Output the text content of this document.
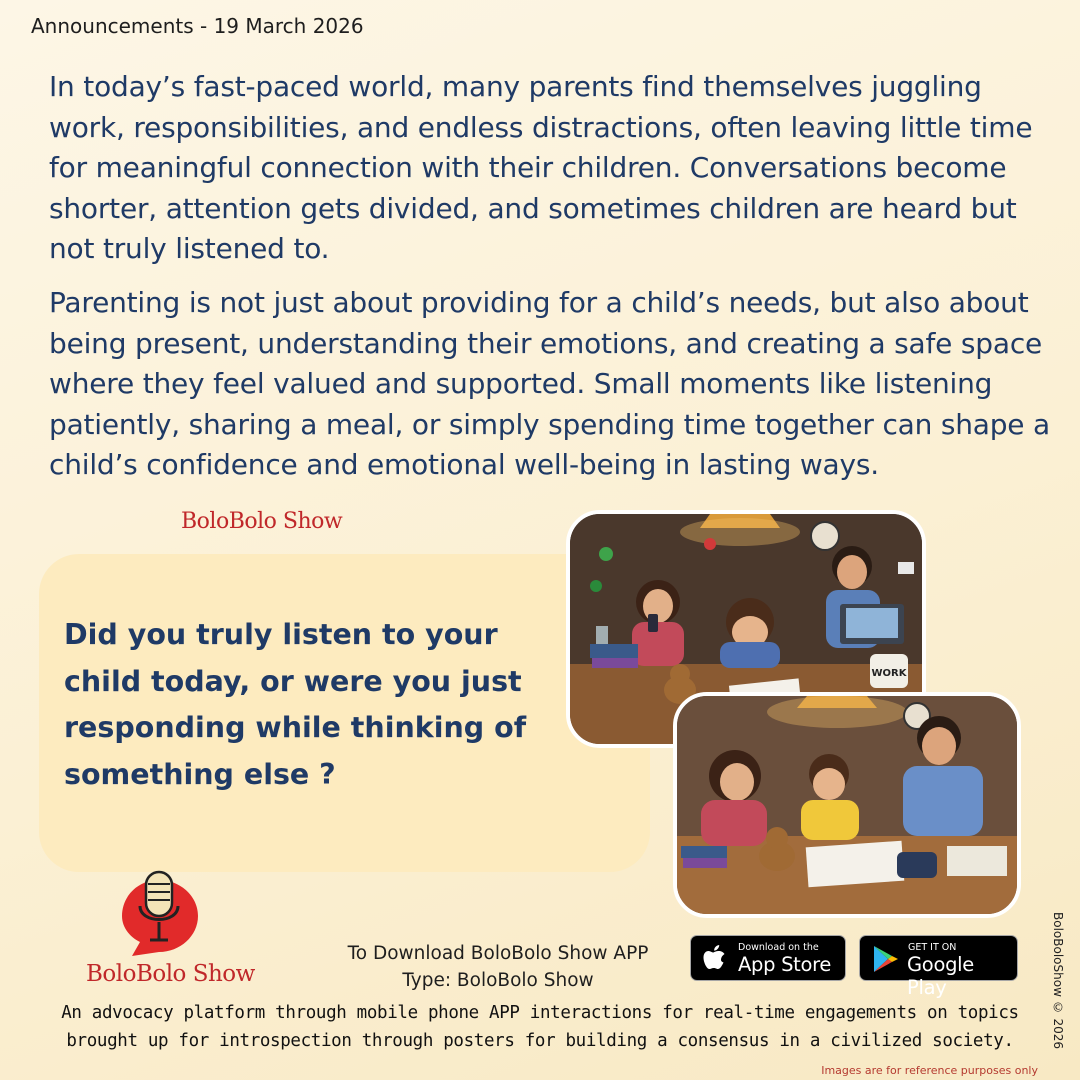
Announcements - 19 March 2026

In today’s fast-paced world, many parents find themselves juggling work, responsibilities, and endless distractions, often leaving little time for meaningful connection with their children. Conversations become shorter, attention gets divided, and sometimes children are heard but not truly listened to.

Parenting is not just about providing for a child’s needs, but also about being present, understanding their emotions, and creating a safe space where they feel valued and supported. Small moments like listening patiently, sharing a meal, or simply spending time together can shape a child’s confidence and emotional well-being in lasting ways.

BoloBolo Show

Did you truly listen to your child today, or were you just responding while thinking of something else ?

WORK
BoloBolo Show
To Download BoloBolo Show APP
Type: BoloBolo Show
Download on the
App Store
GET IT ON
Google Play

An advocacy platform through mobile phone APP interactions for real-time engagements on topics brought up for introspection through posters for building a consensus in a civilized society.	BoloBoloShow © 2026
Images are for reference purposes only
